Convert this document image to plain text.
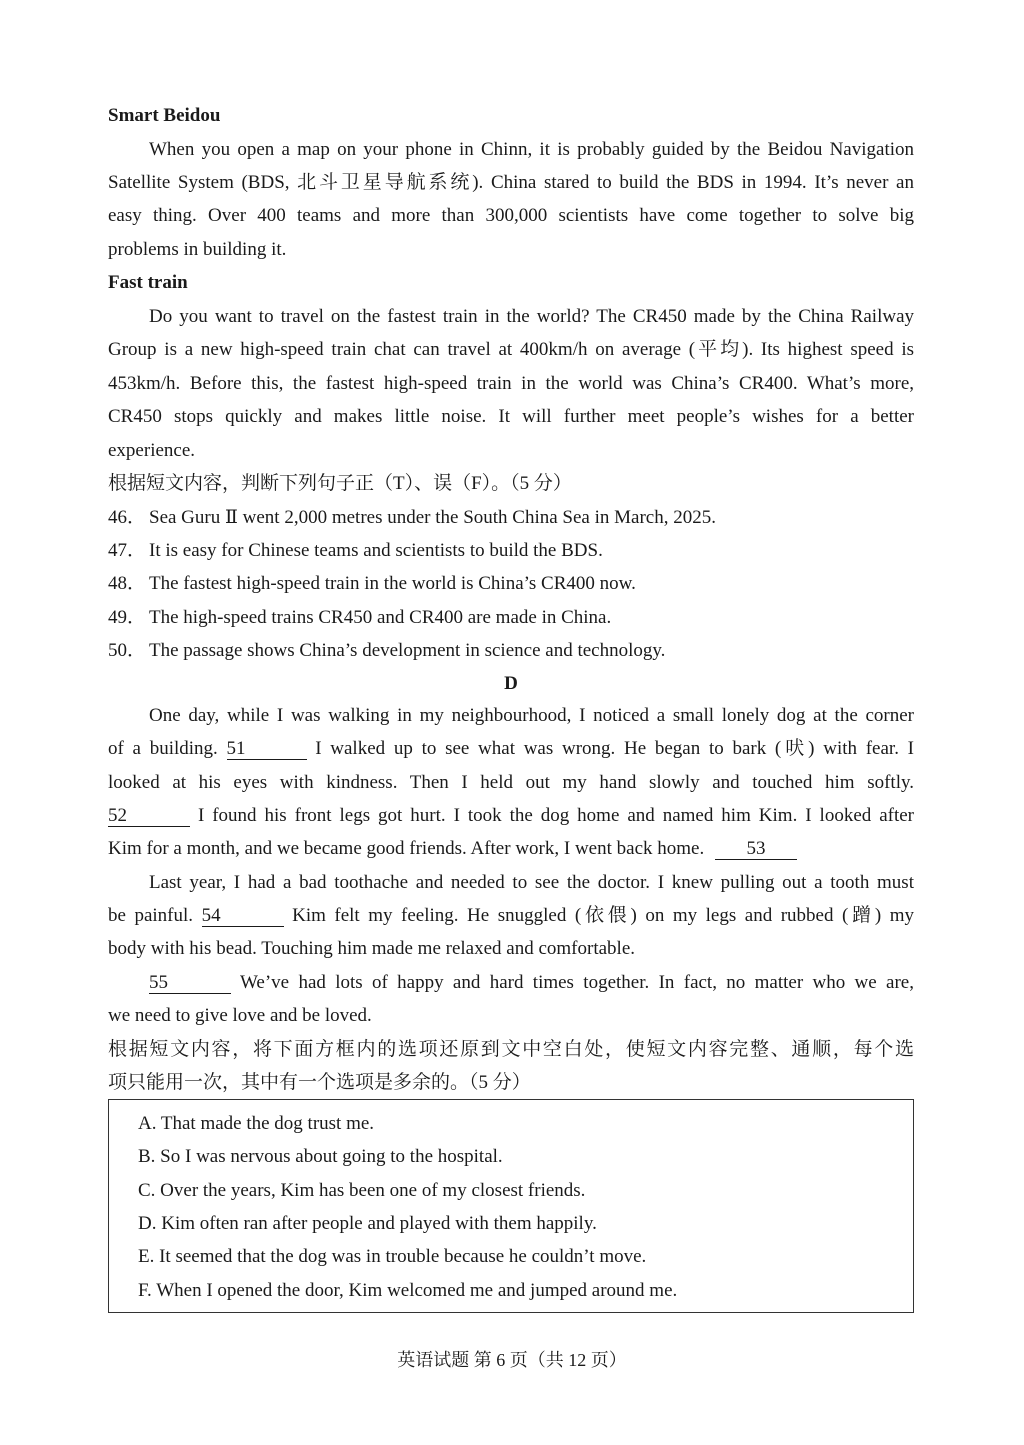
Smart Beidou
When you open a map on your phone in Chinn, it is probably guided by the Beidou Navigation
Satellite System (BDS, 北斗卫星导航系统). China stared to build the BDS in 1994. It’s never an
easy thing. Over 400 teams and more than 300,000 scientists have come together to solve big
problems in building it.
Fast train
Do you want to travel on the fastest train in the world? The CR450 made by the China Railway
Group is a new high-speed train chat can travel at 400km/h on average (平均). Its highest speed is
453km/h. Before this, the fastest high-speed train in the world was China’s CR400. What’s more,
CR450 stops quickly and makes little noise. It will further meet people’s wishes for a better
experience.
根据短文内容，判断下列句子正（T）、误（F）。（5 分）
46． Sea Guru Ⅱ went 2,000 metres under the South China Sea in March, 2025.
47． It is easy for Chinese teams and scientists to build the BDS.
48． The fastest high-speed train in the world is China’s CR400 now.
49． The high-speed trains CR450 and CR400 are made in China.
50． The passage shows China’s development in science and technology.
D
One day, while I was walking in my neighbourhood, I noticed a small lonely dog at the corner
of a building. 51	I walked up to see what was wrong. He began to bark (吠) with fear. I
looked at his eyes with kindness. Then I held out my hand slowly and touched him softly.
52	I found his front legs got hurt. I took the dog home and named him Kim. I looked after
Kim for a month, and we became good friends. After work, I went back home. 53
Last year, I had a bad toothache and needed to see the doctor. I knew pulling out a tooth must
be painful. 54	Kim felt my feeling. He snuggled (依偎) on my legs and rubbed (蹭) my
body with his bead. Touching him made me relaxed and comfortable.
55	We’ve had lots of happy and hard times together. In fact, no matter who we are,
we need to give love and be loved.
根据短文内容，将下面方框内的选项还原到文中空白处，使短文内容完整、通顺，每个选
项只能用一次，其中有一个选项是多余的。（5 分）
A. That made the dog trust me.
B. So I was nervous about going to the hospital.
C. Over the years, Kim has been one of my closest friends.
D. Kim often ran after people and played with them happily.
E. It seemed that the dog was in trouble because he couldn’t move.
F. When I opened the door, Kim welcomed me and jumped around me.
英语试题 第 6 页（共 12 页）
